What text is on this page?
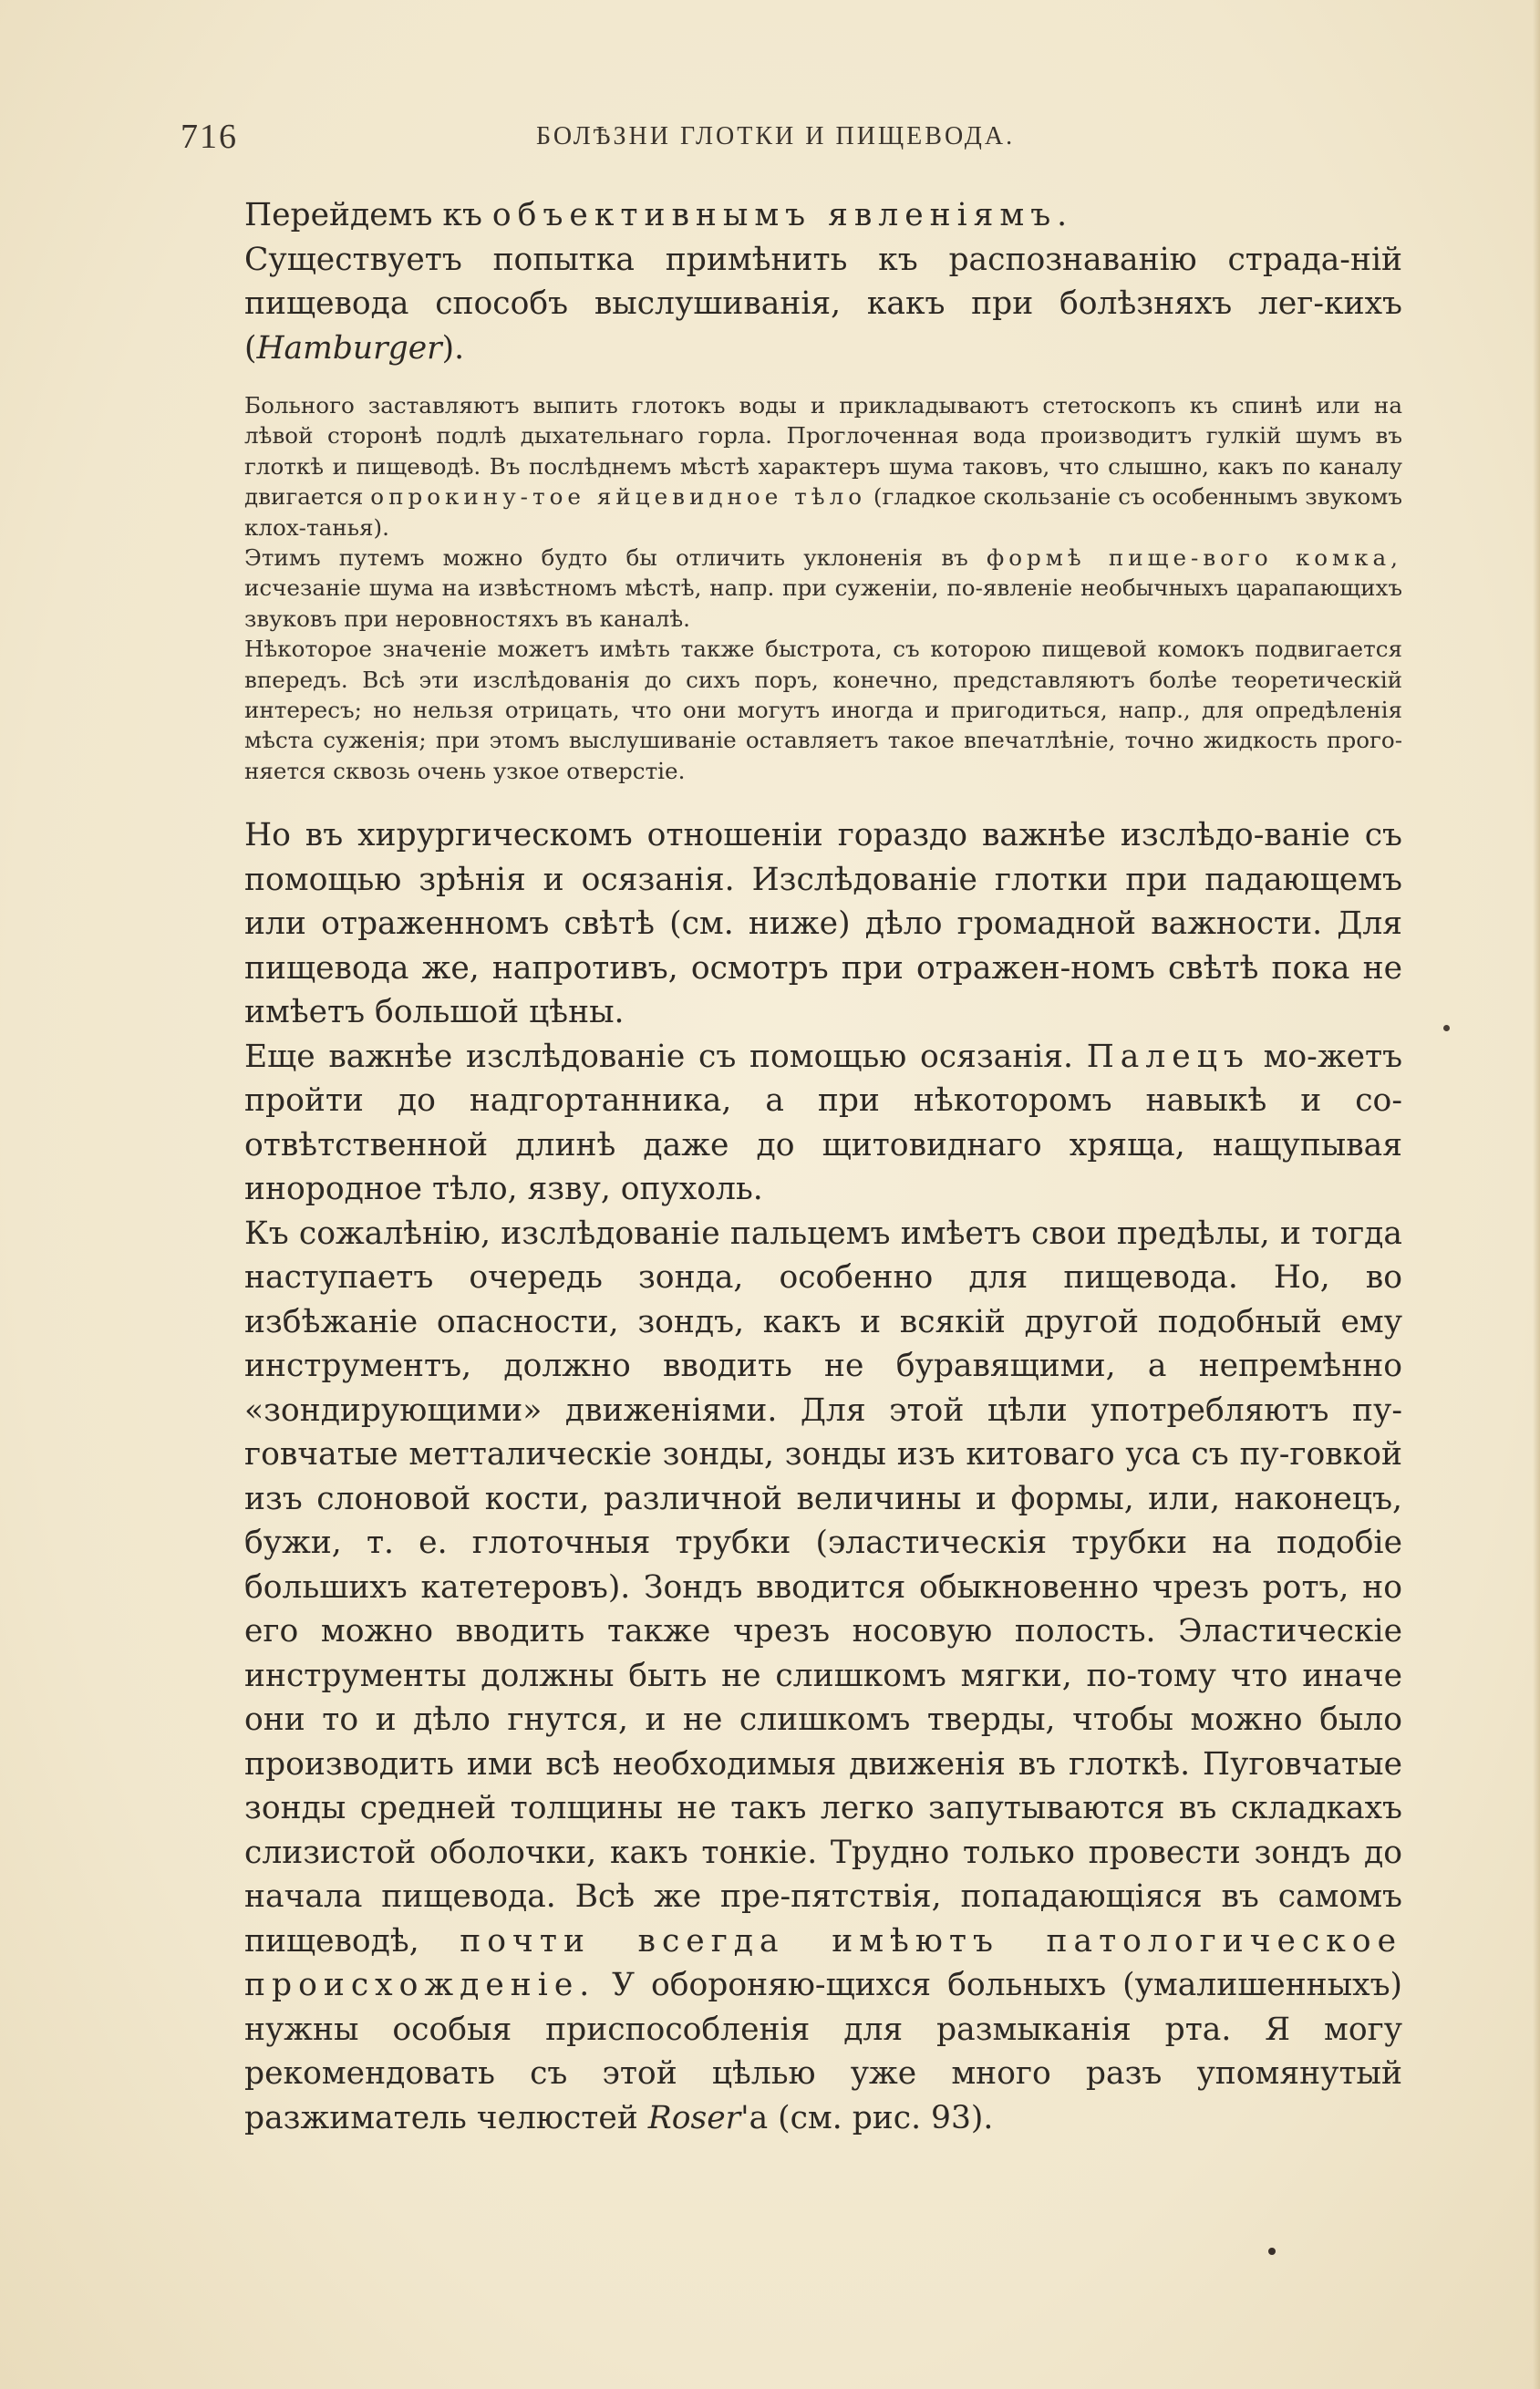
716	БОЛѢЗНИ ГЛОТКИ И ПИЩЕВОДА.

Перейдемъ къ объективнымъ явленіямъ.

Существуетъ попытка примѣнить къ распознаванію страда-ній пищевода способъ выслушиванія, какъ при болѣзняхъ лег-кихъ (Hamburger).

Больного заставляютъ выпить глотокъ воды и прикладываютъ стетоскопъ къ спинѣ или на лѣвой сторонѣ подлѣ дыхательнаго горла. Проглоченная вода производитъ гулкій шумъ въ глоткѣ и пищеводѣ. Въ послѣднемъ мѣстѣ характеръ шума таковъ, что слышно, какъ по каналу двигается опрокину-тое яйцевидное тѣло (гладкое скользаніе съ особеннымъ звукомъ клох-танья).

Этимъ путемъ можно будто бы отличить уклоненія въ формѣ пище-вого комка, исчезаніе шума на извѣстномъ мѣстѣ, напр. при суженіи, по-явленіе необычныхъ царапающихъ звуковъ при неровностяхъ въ каналѣ.

Нѣкоторое значеніе можетъ имѣть также быстрота, съ которою пищевой комокъ подвигается впередъ. Всѣ эти изслѣдованія до сихъ поръ, конечно, представляютъ болѣе теоретическій интересъ; но нельзя отрицать, что они могутъ иногда и пригодиться, напр., для опредѣленія мѣста суженія; при этомъ выслушиваніе оставляетъ такое впечатлѣніе, точно жидкость прого-няется сквозь очень узкое отверстіе.

Но въ хирургическомъ отношеніи гораздо важнѣе изслѣдо-ваніе съ помощью зрѣнія и осязанія. Изслѣдованіе глотки при падающемъ или отраженномъ свѣтѣ (см. ниже) дѣло громадной важности. Для пищевода же, напротивъ, осмотръ при отражен-номъ свѣтѣ пока не имѣетъ большой цѣны.

Еще важнѣе изслѣдованіе съ помощью осязанія. Палецъ мо-жетъ пройти до надгортанника, а при нѣкоторомъ навыкѣ и со-отвѣтственной длинѣ даже до щитовиднаго хряща, нащупывая инородное тѣло, язву, опухоль.

Къ сожалѣнію, изслѣдованіе пальцемъ имѣетъ свои предѣлы, и тогда наступаетъ очередь зонда, особенно для пищевода. Но, во избѣжаніе опасности, зондъ, какъ и всякій другой подобный ему инструментъ, должно вводить не буравящими, а непремѣнно «зондирующими» движеніями. Для этой цѣли употребляютъ пу-говчатые метталическіе зонды, зонды изъ китоваго уса съ пу-говкой изъ слоновой кости, различной величины и формы, или, наконецъ, бужи, т. е. глоточныя трубки (эластическія трубки на подобіе большихъ катетеровъ). Зондъ вводится обыкновенно чрезъ ротъ, но его можно вводить также чрезъ носовую полость. Эластическіе инструменты должны быть не слишкомъ мягки, по-тому что иначе они то и дѣло гнутся, и не слишкомъ тверды, чтобы можно было производить ими всѣ необходимыя движенія въ глоткѣ. Пуговчатые зонды средней толщины не такъ легко запутываются въ складкахъ слизистой оболочки, какъ тонкіе. Трудно только провести зондъ до начала пищевода. Всѣ же пре-пятствія, попадающіяся въ самомъ пищеводѣ, почти всегда имѣютъ патологическое происхожденіе. У обороняю-щихся больныхъ (умалишенныхъ) нужны особыя приспособленія для размыканія рта. Я могу рекомендовать съ этой цѣлью уже много разъ упомянутый разжиматель челюстей Roser'а (см. рис. 93).
